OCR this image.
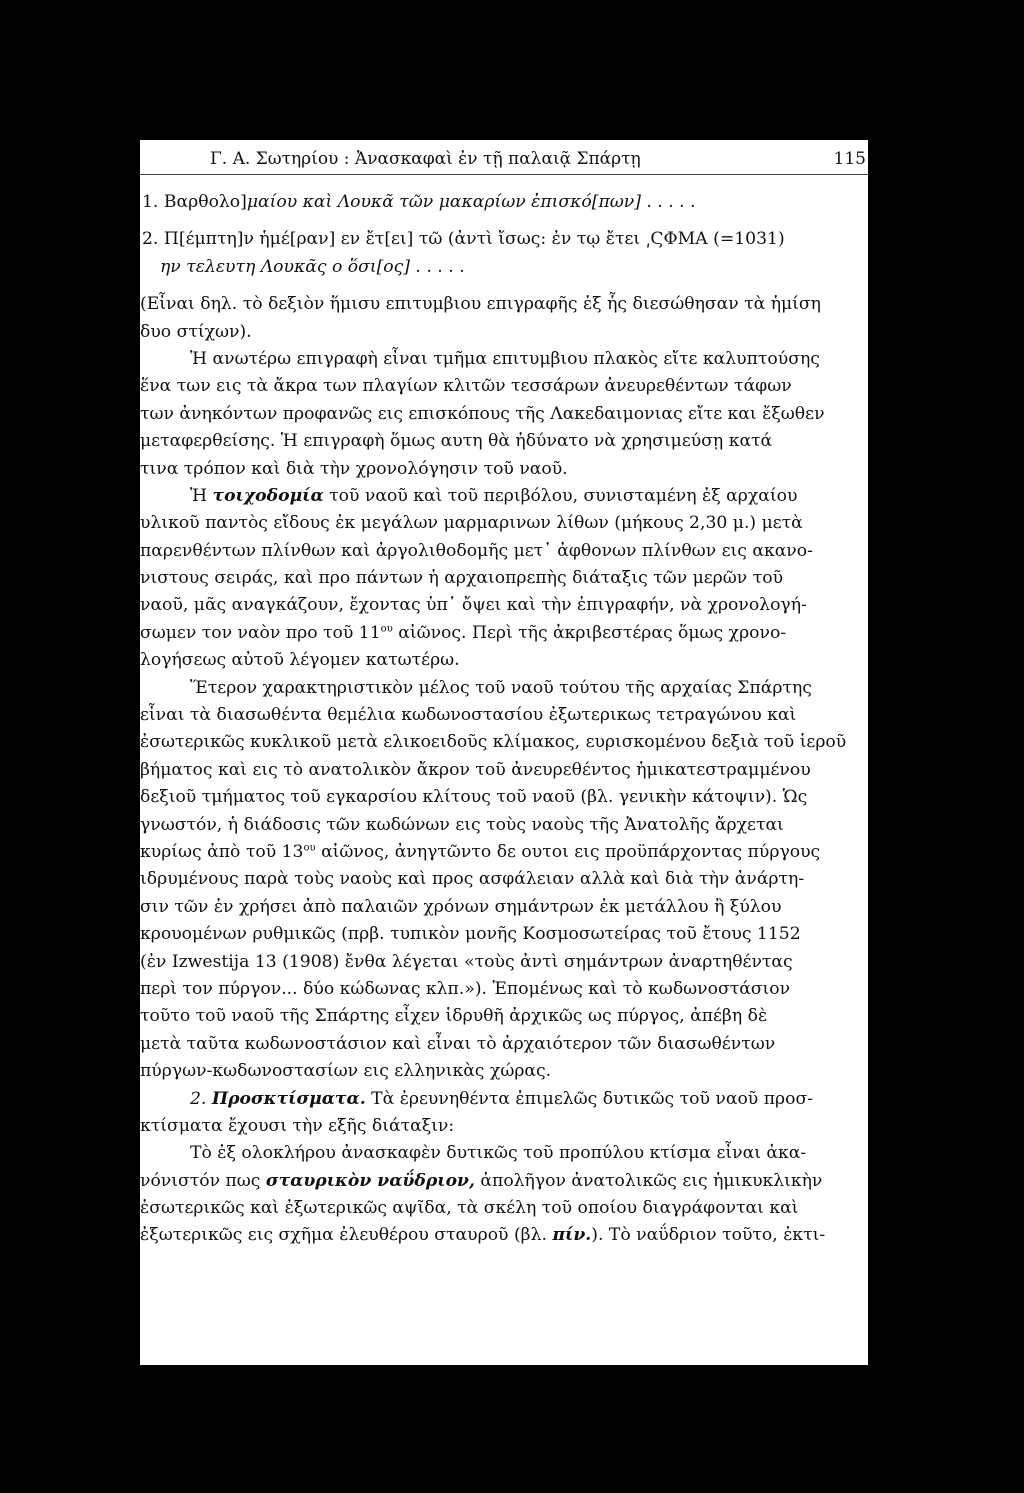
Γ. Α. Σωτηρίου : Ἀνασκαφαὶ ἐν τῇ παλαιᾷ Σπάρτῃ	115
1. Βαρθολο]μαίου καὶ Λουκᾶ τῶν μακαρίων ἐπισκό[πων] . . . . .
2. Π[έμπτη]ν ἡμέ[ραν] εν ἔτ[ει] τῶ (ἀντὶ ἴσως: ἐν τῳ ἔτει ͵ϚΦΜΑ (=1031)
ην τελευτη Λουκᾶς ο ὅσι[ος] . . . . .
(Εἶναι δηλ. τὸ δεξιὸν ἥμισυ επιτυμβιου επιγραφῆς ἐξ ἧς διεσώθησαν τὰ ἡμίση
δυο στίχων).
Ἡ ανωτέρω επιγραφὴ εἶναι τμῆμα επιτυμβιου πλακὸς εἴτε καλυπτούσης
ἕνα των εις τὰ ἄκρα των πλαγίων κλιτῶν τεσσάρων ἀνευρεθέντων τάφων
των ἀνηκόντων προφανῶς εις επισκόπους τῆς Λακεδαιμονιας εἴτε και ἔξωθεν
μεταφερθείσης. Ἡ επιγραφὴ ὅμως αυτη θὰ ἠδύνατο νὰ χρησιμεύσῃ κατά
τινα τρόπον καὶ διὰ τὴν χρονολόγησιν τοῦ ναοῦ.
Ἡ τοιχοδομία τοῦ ναοῦ καὶ τοῦ περιβόλου, συνισταμένη ἐξ αρχαίου
υλικοῦ παντὸς εἴδους ἐκ μεγάλων μαρμαρινων λίθων (μήκους 2,30 μ.) μετὰ
παρενθέντων πλίνθων καὶ ἀργολιθοδομῆς μετ᾿ ἀφθονων πλίνθων εις ακανο-
νιστους σειράς, καὶ προ πάντων ἡ αρχαιοπρεπὴς διάταξις τῶν μερῶν τοῦ
ναοῦ, μᾶς αναγκάζουν, ἔχοντας ὑπ᾿ ὄψει καὶ τὴν ἐπιγραφήν, νὰ χρονολογή-
σωμεν τον ναὸν προ τοῦ $11^{o\upsilon}$ αἰῶνος. Περὶ τῆς ἀκριβεστέρας ὅμως χρονο-
λογήσεως αὐτοῦ λέγομεν κατωτέρω.
Ἕτερον χαρακτηριστικὸν μέλος τοῦ ναοῦ τούτου τῆς αρχαίας Σπάρτης
εἶναι τὰ διασωθέντα θεμέλια κωδωνοστασίου ἐξωτερικως τετραγώνου καὶ
ἐσωτερικῶς κυκλικοῦ μετὰ ελικοειδοῦς κλίμακος, ευρισκομένου δεξιὰ τοῦ ἱεροῦ
βήματος καὶ εις τὸ ανατολικὸν ἄκρον τοῦ ἀνευρεθέντος ἡμικατεστραμμένου
δεξιοῦ τμήματος τοῦ εγκαρσίου κλίτους τοῦ ναοῦ (βλ. γενικὴν κάτοψιν). Ὡς
γνωστόν, ἡ διάδοσις τῶν κωδώνων εις τοὺς ναοὺς τῆς Ἀνατολῆς ἄρχεται
κυρίως ἀπὸ τοῦ $13^{o\upsilon}$ αἰῶνος, ἀνηγτῶντο δε ουτοι εις προϋπάρχοντας πύργους
ιδρυμένους παρὰ τοὺς ναοὺς καὶ προς ασφάλειαν αλλὰ καὶ διὰ τὴν ἀνάρτη-
σιν τῶν ἐν χρήσει ἀπὸ παλαιῶν χρόνων σημάντρων ἐκ μετάλλου ἢ ξύλου
κρουομένων ρυθμικῶς (πρβ. τυπικὸν μονῆς Κοσμοσωτείρας τοῦ ἔτους 1152
(ἐν Izwestija 13 (1908) ἔνθα λέγεται «τοὺς ἀντὶ σημάντρων ἀναρτηθέντας
περὶ τον πύργον... δύο κώδωνας κλπ.»). Ἑπομένως καὶ τὸ κωδωνοστάσιον
τοῦτο τοῦ ναοῦ τῆς Σπάρτης εἶχεν ἱδρυθῆ ἀρχικῶς ως πύργος, ἀπέβη δὲ
μετὰ ταῦτα κωδωνοστάσιον καὶ εἶναι τὸ ἀρχαιότερον τῶν διασωθέντων
πύργων-κωδωνοστασίων εις ελληνικὰς χώρας.
2. Προσκτίσματα. Τὰ ἐρευνηθέντα ἐπιμελῶς δυτικῶς τοῦ ναοῦ προσ-
κτίσματα ἔχουσι τὴν εξῆς διάταξιν:
Τὸ ἐξ ολοκλήρου ἀνασκαφὲν δυτικῶς τοῦ προπύλου κτίσμα εἶναι ἀκα-
νόνιστόν πως σταυρικὸν ναΰδριον, ἀπολῆγον ἀνατολικῶς εις ἡμικυκλικὴν
ἐσωτερικῶς καὶ ἐξωτερικῶς αψῖδα, τὰ σκέλη τοῦ οποίου διαγράφονται καὶ
ἐξωτερικῶς εις σχῆμα ἐλευθέρου σταυροῦ (βλ. πίν.). Τὸ ναΰδριον τοῦτο, ἐκτι-
